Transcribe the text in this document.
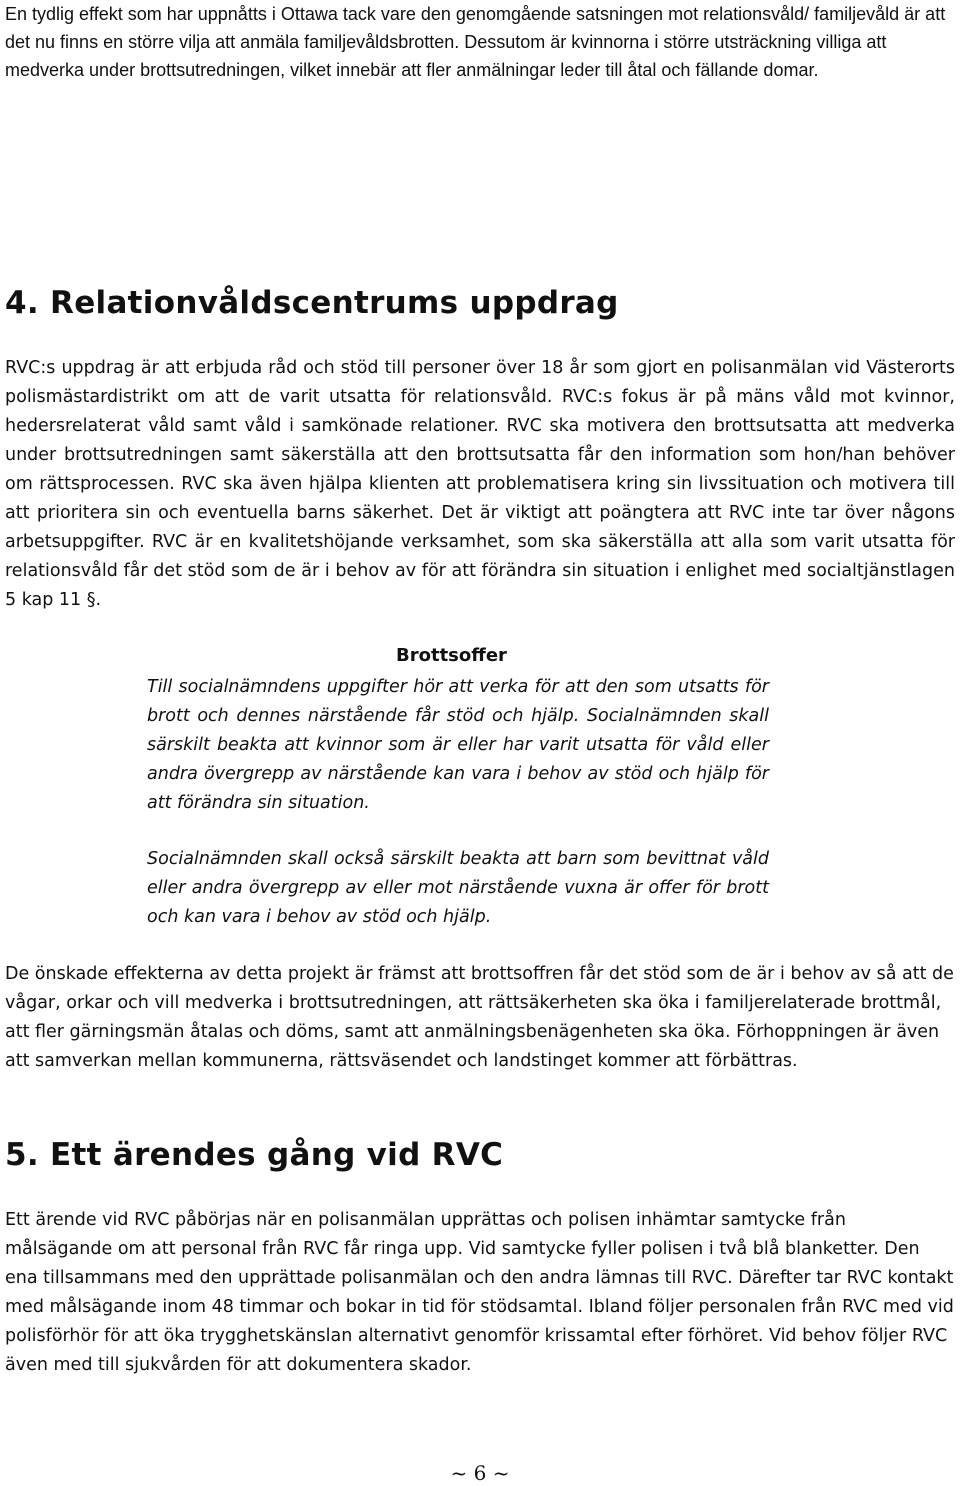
En tydlig effekt som har uppnåtts i Ottawa tack vare den genomgående satsningen mot relationsvåld/ familjevåld är att det nu finns en större vilja att anmäla familjevåldsbrotten. Dessutom är kvinnorna i större utsträckning villiga att medverka under brottsutredningen, vilket innebär att fler anmälningar leder till åtal och fällande domar.

4. Relationvåldscentrums uppdrag

RVC:s uppdrag är att erbjuda råd och stöd till personer över 18 år som gjort en polisanmälan vid Västerorts polismästardistrikt om att de varit utsatta för relationsvåld. RVC:s fokus är på mäns våld mot kvinnor, hedersrelaterat våld samt våld i samkönade relationer. RVC ska motivera den brottsutsatta att medverka under brottsutredningen samt säkerställa att den brottsutsatta får den information som hon/han behöver om rättsprocessen. RVC ska även hjälpa klienten att problematisera kring sin livssituation och motivera till att prioritera sin och eventuella barns säkerhet. Det är viktigt att poängtera att RVC inte tar över någons arbetsuppgifter. RVC är en kvalitetshöjande verksamhet, som ska säkerställa att alla som varit utsatta för relationsvåld får det stöd som de är i behov av för att förändra sin situation i enlighet med socialtjänstlagen 5 kap 11 §.

Brottsoffer

Till socialnämndens uppgifter hör att verka för att den som utsatts för brott och dennes närstående får stöd och hjälp. Socialnämnden skall särskilt beakta att kvinnor som är eller har varit utsatta för våld eller andra övergrepp av närstående kan vara i behov av stöd och hjälp för att förändra sin situation.

Socialnämnden skall också särskilt beakta att barn som bevittnat våld eller andra övergrepp av eller mot närstående vuxna är offer för brott och kan vara i behov av stöd och hjälp.

De önskade effekterna av detta projekt är främst att brottsoffren får det stöd som de är i behov av så att de vågar, orkar och vill medverka i brottsutredningen, att rättsäkerheten ska öka i familjerelaterade brottmål, att fler gärningsmän åtalas och döms, samt att anmälningsbenägenheten ska öka. Förhoppningen är även att samverkan mellan kommunerna, rättsväsendet och landstinget kommer att förbättras.

5. Ett ärendes gång vid RVC

Ett ärende vid RVC påbörjas när en polisanmälan upprättas och polisen inhämtar samtycke från målsägande om att personal från RVC får ringa upp. Vid samtycke fyller polisen i två blå blanketter. Den ena tillsammans med den upprättade polisanmälan och den andra lämnas till RVC. Därefter tar RVC kontakt med målsägande inom 48 timmar och bokar in tid för stödsamtal. Ibland följer personalen från RVC med vid polisförhör för att öka trygghetskänslan alternativt genomför krissamtal efter förhöret. Vid behov följer RVC även med till sjukvården för att dokumentera skador.

~ 6 ~
